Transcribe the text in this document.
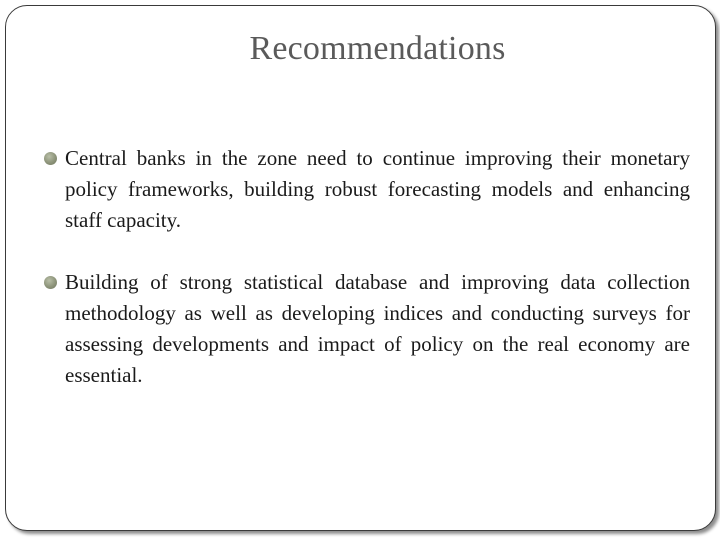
Recommendations
Central banks in the zone need to continue improving their monetary policy frameworks, building robust forecasting models and enhancing staff capacity.
Building of strong statistical database and improving data collection methodology as well as developing indices and conducting surveys for assessing developments and impact of policy on the real economy are essential.
